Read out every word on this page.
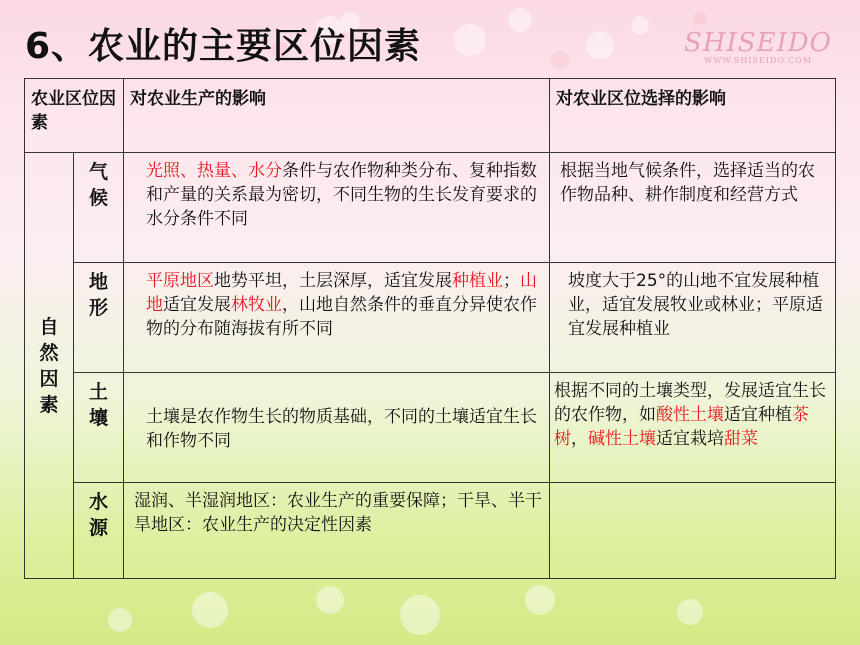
6、农业的主要区位因素	SHISEIDO
WWW.SHISEIDO.COM
农业区位因素		对农业生产的影响	对农业区位选择的影响

自然因素	气候	光照、热量、水分条件与农作物种类分布、复种指数和产量的关系最为密切，不同生物的生长发育要求的水分条件不同	根据当地气候条件，选择适当的农作物品种、耕作制度和经营方式

	地形	平原地区地势平坦，土层深厚，适宜发展种植业；山地适宜发展林牧业，山地自然条件的垂直分异使农作物的分布随海拔有所不同	坡度大于25°的山地不宜发展种植业，适宜发展牧业或林业；平原适宜发展种植业

	土壤	土壤是农作物生长的物质基础，不同的土壤适宜生长和作物不同	根据不同的土壤类型，发展适宜生长的农作物，如酸性土壤适宜种植茶树，碱性土壤适宜栽培甜菜

	水源	湿润、半湿润地区：农业生产的重要保障；干旱、半干旱地区：农业生产的决定性因素	
